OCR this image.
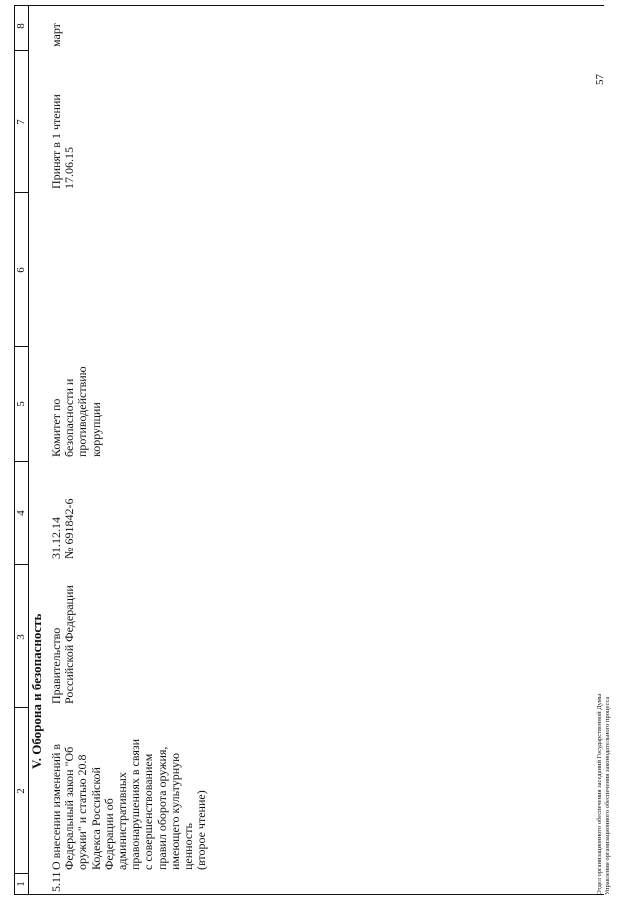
1
2
3
4
5
6
7
8
V. Оборона и безопасность
5.11
О внесении изменений в
Федеральный закон "Об
оружии" и статью 20.8
Кодекса Российской
Федерации об
административных
правонарушениях в связи
с совершенствованием
правил оборота оружия,
имеющего культурную
ценность
(второе чтение)
Правительство
Российской Федерации
31.12.14
№ 691842-6
Комитет по
безопасности и
противодействию
коррупции
Принят в 1 чтении
17.06.15
март
Отдел организационного обеспечения заседаний Государственной Думы Управления организационного обеспечения законодательного процесса
57
